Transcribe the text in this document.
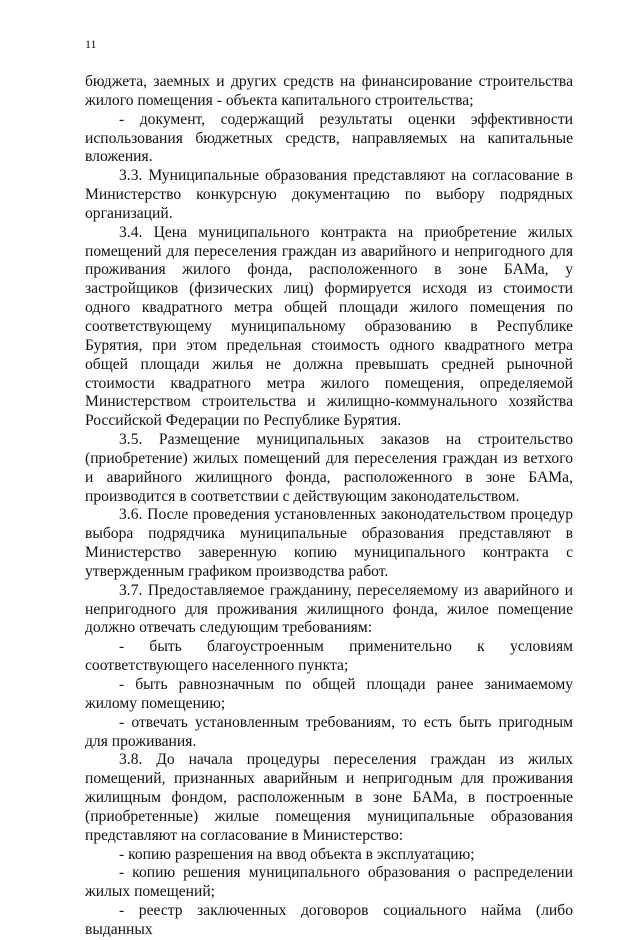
11

бюджета, заемных и других средств на финансирование строительства жилого помещения - объекта капитального строительства;

- документ, содержащий результаты оценки эффективности использования бюджетных средств, направляемых на капитальные вложения.

3.3. Муниципальные образования представляют на согласование в Министерство конкурсную документацию по выбору подрядных организаций.

3.4. Цена муниципального контракта на приобретение жилых помещений для переселения граждан из аварийного и непригодного для проживания жилого фонда, расположенного в зоне БАМа, у застройщиков (физических лиц) формируется исходя из стоимости одного квадратного метра общей площади жилого помещения по соответствующему муниципальному образованию в Республике Бурятия, при этом предельная стоимость одного квадратного метра общей площади жилья не должна превышать средней рыночной стоимости квадратного метра жилого помещения, определяемой Министерством строительства и жилищно-коммунального хозяйства Российской Федерации по Республике Бурятия.

3.5. Размещение муниципальных заказов на строительство (приобретение) жилых помещений для переселения граждан из ветхого и аварийного жилищного фонда, расположенного в зоне БАМа, производится в соответствии с действующим законодательством.

3.6. После проведения установленных законодательством процедур выбора подрядчика муниципальные образования представляют в Министерство заверенную копию муниципального контракта с утвержденным графиком производства работ.

3.7. Предоставляемое гражданину, переселяемому из аварийного и непригодного для проживания жилищного фонда, жилое помещение должно отвечать следующим требованиям:

- быть благоустроенным применительно к условиям соответствующего населенного пункта;

- быть равнозначным по общей площади ранее занимаемому жилому помещению;

- отвечать установленным требованиям, то есть быть пригодным для проживания.

3.8. До начала процедуры переселения граждан из жилых помещений, признанных аварийным и непригодным для проживания жилищным фондом, расположенным в зоне БАМа, в построенные (приобретенные) жилые помещения муниципальные образования представляют на согласование в Министерство:

- копию разрешения на ввод объекта в эксплуатацию;

- копию решения муниципального образования о распределении жилых помещений;

- реестр заключенных договоров социального найма (либо выданных
